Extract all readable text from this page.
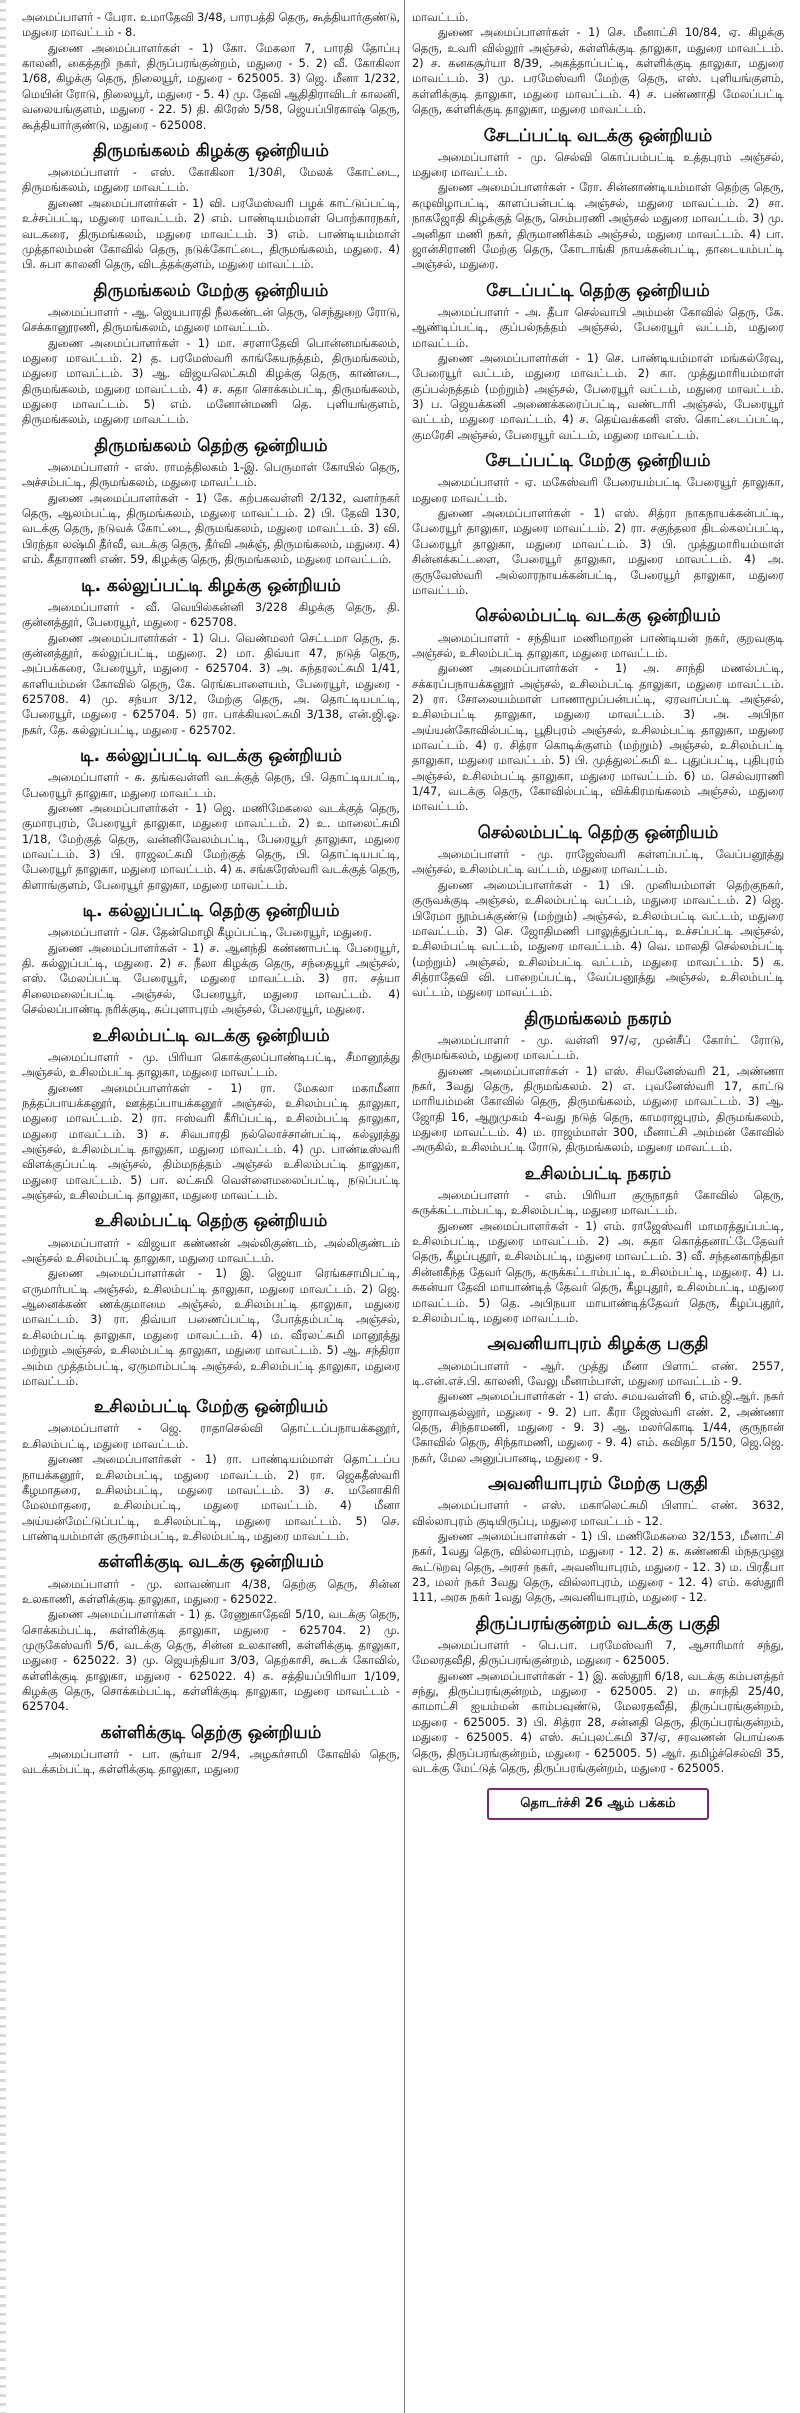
அமைப்பாளர் - பேரா. உமாதேவி 3/48, பாரபத்தி தெரு, கூத்தியார்குண்டு, மதுரை மாவட்டம் - 8.

துணை அமைப்பாளர்கள் - 1) கோ. மேகலா 7, பாரதி தோப்பு காலனி, கைத்தறி நகர், திருப்பரங்குன்றம், மதுரை - 5. 2) வீ. கோகிலா 1/68, கிழக்கு தெரு, நிலையூர், மதுரை - 625005. 3) ஜெ. மீனா 1/232, மெயின் ரோடு, நிலையூர், மதுரை - 5. 4) மு. தேவி ஆதிதிராவிடர் காலனி, வலையங்குளம், மதுரை - 22. 5) தி. கிரேஸ் 5/58, ஜெயப்பிரகாஷ் தெரு, கூத்தியார்குண்டு, மதுரை - 625008.

திருமங்கலம் கிழக்கு ஒன்றியம்

அமைப்பாளர் - எஸ். கோகிலா 1/30சி, மேலக் கோட்டை, திருமங்கலம், மதுரை மாவட்டம்.

துணை அமைப்பாளர்கள் - 1) வி. பரமேஸ்வரி பழக் காட்டுப்பட்டி, உச்சப்பட்டி, மதுரை மாவட்டம். 2) எம். பாண்டியம்மாள் பொற்காரநகர், வடகரை, திருமங்கலம், மதுரை மாவட்டம். 3) எம். பாண்டியம்மாள் முத்தாலம்மன் கோவில் தெரு, நடுக்கோட்டை, திருமங்கலம், மதுரை. 4) பி. சுபா காலனி தெரு, விடத்தக்குளம், மதுரை மாவட்டம்.

திருமங்கலம் மேற்கு ஒன்றியம்

அமைப்பாளர் - ஆ. ஜெயபாரதி நீலகண்டன் தெரு, செந்துறை ரோடு, செக்கானூரணி, திருமங்கலம், மதுரை மாவட்டம்.

துணை அமைப்பாளர்கள் - 1) மா. சரளாதேவி பொன்னமங்கலம், மதுரை மாவட்டம். 2) த. பரமேஸ்வரி காங்கேயநத்தம், திருமங்கலம், மதுரை மாவட்டம். 3) ஆ. விஜயலெட்சுமி கிழக்கு தெரு, காண்டை, திருமங்கலம், மதுரை மாவட்டம். 4) ச. சுதா சொக்கம்பட்டி, திருமங்கலம், மதுரை மாவட்டம். 5) எம். மனோன்மணி தெ. புளியங்குளம், திருமங்கலம், மதுரை மாவட்டம்.

திருமங்கலம் தெற்கு ஒன்றியம்

அமைப்பாளர் - எஸ். ராமத்திலகம் 1-இ. பெருமாள் கோயில் தெரு, அச்சம்பட்டி, திருமங்கலம், மதுரை மாவட்டம்.

துணை அமைப்பாளர்கள் - 1) கே. கற்பகவள்ளி 2/132, வளர்நகர் தெரு, ஆலம்பட்டி, திருமங்கலம், மதுரை மாவட்டம். 2) பி. தேவி 130, வடக்கு தெரு, நடுவக் கோட்டை, திருமங்கலம், மதுரை மாவட்டம். 3) வி. பிரந்தா லஷ்மி தீர்வீ, வடக்கு தெரு, தீர்வி அக்ஞ், திருமங்கலம், மதுரை. 4) எம். கீதாராணி எண். 59, கிழக்கு தெரு, திருமங்கலம், மதுரை மாவட்டம்.

டி. கல்லுப்பட்டி கிழக்கு ஒன்றியம்

அமைப்பாளர் - வீ. வெயில்கன்னி 3/228 கிழக்கு தெரு, தி. குன்னத்தூர், பேரையூர், மதுரை - 625708.

துணை அமைப்பாளர்கள் - 1) பெ. வெண்மலர் செட்டமா தெரு, த. குன்னத்தூர், கல்லுப்பட்டி, மதுரை. 2) மா. திவ்யா 47, நடுத் தெரு, அப்பக்கரை, பேரையூர், மதுரை - 625704. 3) அ. சுந்தரலட்சுமி 1/41, காளியம்மன் கோவில் தெரு, கே. ரெங்கபாளையம், பேரையூர், மதுரை - 625708. 4) மு. சந்யா 3/12, மேற்கு தெரு, அ. தொட்டியபட்டி, பேரையூர், மதுரை - 625704. 5) ரா. பாக்கியலட்சுமி 3/138, என்.ஜி.ஓ. நகர், தே. கல்லுப்பட்டி, மதுரை - 625702.

டி. கல்லுப்பட்டி வடக்கு ஒன்றியம்

அமைப்பாளர் - சு. தங்கவள்ளி வடக்குத் தெரு, பி. தொட்டியபட்டி, பேரையூர் தாலுகா, மதுரை மாவட்டம்.

துணை அமைப்பாளர்கள் - 1) ஜெ. மணிமேகலை வடக்குத் தெரு, குமாரபுரம், பேரையூர் தாலுகா, மதுரை மாவட்டம். 2) உ. மாலைட்சுமி 1/18, மேற்குத் தெரு, வன்னிவேலம்பட்டி, பேரையூர் தாலுகா, மதுரை மாவட்டம். 3) பி. ராஜலட்சுமி மேற்குத் தெரு, பி. தொட்டியபட்டி, பேரையூர் தாலுகா, மதுரை மாவட்டம். 4) க. சங்கரேஸ்வரி வடக்குத் தெரு, கிளாங்குளம், பேரையூர் தாலுகா, மதுரை மாவட்டம்.

டி. கல்லுப்பட்டி தெற்கு ஒன்றியம்

அமைப்பாளர் - செ. தேன்மொழி கீழப்பட்டி, பேரையூர், மதுரை.

துணை அமைப்பாளர்கள் - 1) ச. ஆனந்தி கண்ணாபட்டி பேரையூர், தி. கல்லுப்பட்டி, மதுரை. 2) ச. நீலா கிழக்கு தெரு, சந்தையூர் அஞ்சல், எஸ். மேலப்பட்டி பேரையூர், மதுரை மாவட்டம். 3) ரா. சத்யா சிலைமலைப்பட்டி அஞ்சல், பேரையூர், மதுரை மாவட்டம். 4) செல்லப்பாண்டி நரிக்குடி, சுப்புளாபுரம் அஞ்சல், பேரையூர், மதுரை.

உசிலம்பட்டி வடக்கு ஒன்றியம்

அமைப்பாளர் - மு. பிரியா கொக்குலப்பாண்டிபட்டி, சீமானூத்து அஞ்சல், உசிலம்பட்டி தாலுகா, மதுரை மாவட்டம்.

துணை அமைப்பாளர்கள் - 1) ரா. மேகலா மகாமீனா நத்தப்பாயக்கனூர், ஊத்தப்பாயக்கனூர் அஞ்சல், உசிலம்பட்டி தாலுகா, மதுரை மாவட்டம். 2) ரா. ஈஸ்வரி கீரிப்பட்டி, உசிலம்பட்டி தாலுகா, மதுரை மாவட்டம். 3) ச. சிவபாரதி நல்லொச்சான்பட்டி, கல்லூத்து அஞ்சல், உசிலம்பட்டி தாலுகா, மதுரை மாவட்டம். 4) மு. பாண்டீஸ்வரி விளக்குப்பட்டி அஞ்சல், திம்மநத்தம் அஞ்சல் உசிலம்பட்டி தாலுகா, மதுரை மாவட்டம். 5) பா. லட்சுமி வெள்ளைமலைப்பட்டி, நடுப்பட்டி அஞ்சல், உசிலம்பட்டி தாலுகா, மதுரை மாவட்டம்.

உசிலம்பட்டி தெற்கு ஒன்றியம்

அமைப்பாளர் - விஜயா கண்ணன் அல்லிகுண்டம், அல்லிகுண்டம் அஞ்சல் உசிலம்பட்டி தாலுகா, மதுரை மாவட்டம்.

துணை அமைப்பாளர்கள் - 1) இ. ஜெயா ரெங்கசாமிபட்டி, எருமார்பட்டி அஞ்சல், உசிலம்பட்டி தாலுகா, மதுரை மாவட்டம். 2) ஜெ. ஆனைக்கண் ணக்குமாமை அஞ்சல், உசிலம்பட்டி தாலுகா, மதுரை மாவட்டம். 3) ரா. திவ்யா பணைப்பட்டி, போத்தம்பட்டி அஞ்சல், உசிலம்பட்டி தாலுகா, மதுரை மாவட்டம். 4) ம. வீரலட்சுமி மானூத்து மற்றும் அஞ்சல், உசிலம்பட்டி தாலுகா, மதுரை மாவட்டம். 5) ஆ. சந்திரா அம்ம முத்தம்பட்டி, ஏருமாம்பட்டி அஞ்சல், உசிலம்பட்டி தாலுகா, மதுரை மாவட்டம்.

உசிலம்பட்டி மேற்கு ஒன்றியம்

அமைப்பாளர் - ஜெ. ராதாசெல்வி தொட்டப்பநாயக்கனூர், உசிலம்பட்டி, மதுரை மாவட்டம்.

துணை அமைப்பாளர்கள் - 1) ரா. பாண்டியம்மாள் தொட்டப்ப நாயக்கனூர், உசிலம்பட்டி, மதுரை மாவட்டம். 2) ரா. ஜெகதீஸ்வரி கீழமாதரை, உசிலம்பட்டி, மதுரை மாவட்டம். 3) ச. மனோகிரி மேலமாதரை, உசிலம்பட்டி, மதுரை மாவட்டம். 4) மீனா அய்யன்மேட்டுப்பட்டி, உசிலம்பட்டி, மதுரை மாவட்டம். 5) செ. பாண்டியம்மாள் குருசாம்பட்டி, உசிலம்பட்டி, மதுரை மாவட்டம்.

கள்ளிக்குடி வடக்கு ஒன்றியம்

அமைப்பாளர் - மு. லாவண்யா 4/38, தெற்கு தெரு, சின்ன உலகாணி, கள்ளிக்குடி தாலுகா, மதுரை - 625022.

துணை அமைப்பாளர்கள் - 1) த. ரேணுகாதேவி 5/10, வடக்கு தெரு, சொக்கம்பட்டி, கள்ளிக்குடி தாலுகா, மதுரை - 625704. 2) மு. முருகேஸ்வரி 5/6, வடக்கு தெரு, சின்ன உலகாணி, கள்ளிக்குடி தாலுகா, மதுரை - 625022. 3) மு. ஜெயந்தியா 3/03, தெற்காசி, கூடக் கோவில், கள்ளிக்குடி தாலுகா, மதுரை - 625022. 4) சு. சத்தியப்பிரியா 1/109, கிழக்கு தெரு, சொக்கம்பட்டி, கள்ளிக்குடி தாலுகா, மதுரை மாவட்டம் - 625704.

கள்ளிக்குடி தெற்கு ஒன்றியம்

அமைப்பாளர் - பா. சூர்யா 2/94, அழகர்சாமி கோவில் தெரு, வடக்கம்பட்டி, கள்ளிக்குடி தாலுகா, மதுரை

மாவட்டம்.

துணை அமைப்பாளர்கள் - 1) செ. மீனாட்சி 10/84, ஏ. கிழக்கு தெரு, உவரி வில்லூர் அஞ்சல், கள்ளிக்குடி தாலுகா, மதுரை மாவட்டம். 2) ச. கனகசூர்யா 8/39, அகத்தாப்பட்டி, கள்ளிக்குடி தாலுகா, மதுரை மாவட்டம். 3) மு. பரமேஸ்வரி மேற்கு தெரு, எஸ். புளியங்குளம், கள்ளிக்குடி தாலுகா, மதுரை மாவட்டம். 4) ச. பண்ணாதி மேலப்பட்டி தெரு, கள்ளிக்குடி தாலுகா, மதுரை மாவட்டம்.

சேடப்பட்டி வடக்கு ஒன்றியம்

அமைப்பாளர் - மு. செல்வி கொப்பம்பட்டி உத்தபுரம் அஞ்சல், மதுரை மாவட்டம்.

துணை அமைப்பாளர்கள் - ரோ. சின்னாண்டியம்மாள் தெற்கு தெரு, கழுவிழாபட்டி, காளப்பன்பட்டி அஞ்சல், மதுரை மாவட்டம். 2) சா. நாகஜோதி கிழக்குத் தெரு, செம்பரணி அஞ்சல் மதுரை மாவட்டம். 3) மு. அனிதா மணி நகர், திருமாணிக்கம் அஞ்சல், மதுரை மாவட்டம். 4) பா. ஜான்சிராணி மேற்கு தெரு, கோடாங்கி நாயக்கன்பட்டி, தாடையம்பட்டி அஞ்சல், மதுரை.

சேடப்பட்டி தெற்கு ஒன்றியம்

அமைப்பாளர் - அ. தீபா செல்வாபி அம்மன் கோவில் தெரு, கே. ஆண்டிப்பட்டி, குப்பல்நத்தம் அஞ்சல், பேரையூர் வட்டம், மதுரை மாவட்டம்.

துணை அமைப்பாளர்கள் - 1) செ. பாண்டியம்மாள் மங்கல்ரேவு, பேரையூர் வட்டம், மதுரை மாவட்டம். 2) கா. முத்துமாரியம்மாள் குப்பல்நத்தம் (மற்றும்) அஞ்சல், பேரையூர் வட்டம், மதுரை மாவட்டம். 3) ப. ஜெயக்கனி அணைக்கரைப்பட்டி, வண்டாரி அஞ்சல், பேரையூர் வட்டம், மதுரை மாவட்டம். 4) ச. தெய்வக்கனி எஸ். கொட்டைப்பட்டி, குமரேசி அஞ்சல், பேரையூர் வட்டம், மதுரை மாவட்டம்.

சேடப்பட்டி மேற்கு ஒன்றியம்

அமைப்பாளர் - ஏ. மகேஸ்வரி பேரையம்பட்டி பேரையூர் தாலுகா, மதுரை மாவட்டம்.

துணை அமைப்பாளர்கள் - 1) எஸ். சித்ரா நாகநாயக்கன்பட்டி, பேரையூர் தாலுகா, மதுரை மாவட்டம். 2) ரா. சகுந்தலா திடல்கலப்பட்டி, பேரையூர் தாலுகா, மதுரை மாவட்டம். 3) பி. முத்துமாரியம்மாள் சின்னக்கட்டளை, பேரையூர் தாலுகா, மதுரை மாவட்டம். 4) அ. குருவேஸ்வரி அல்லாரநாயக்கன்பட்டி, பேரையூர் தாலுகா, மதுரை மாவட்டம்.

செல்லம்பட்டி வடக்கு ஒன்றியம்

அமைப்பாளர் - சந்தியா மணிமாறன் பாண்டியன் நகர், குறவகுடி அஞ்சல், உசிலம்பட்டி தாலுகா, மதுரை மாவட்டம்.

துணை அமைப்பாளர்கள் - 1) அ. சாந்தி மணல்பட்டி, சக்கரப்பநாயக்கனூர் அஞ்சல், உசிலம்பட்டி தாலுகா, மதுரை மாவட்டம். 2) ரா. சோலையம்மாள் பாணாமூப்பன்பட்டி, ஏரவாப்பட்டி அஞ்சல், உசிலம்பட்டி தாலுகா, மதுரை மாவட்டம். 3) அ. அபிநா அய்யன்கோவில்பட்டி, பூதிபுரம் அஞ்சல், உசிலம்பட்டி தாலுகா, மதுரை மாவட்டம். 4) ர. சித்ரா கொடிக்குளம் (மற்றும்) அஞ்சல், உசிலம்பட்டி தாலுகா, மதுரை மாவட்டம். 5) பி. முத்துலட்சுமி உ. புதுப்பட்டி, புதிபுரம் அஞ்சல், உசிலம்பட்டி தாலுகா, மதுரை மாவட்டம். 6) ம. செல்வராணி 1/47, வடக்கு தெரு, கோவில்பட்டி, விக்கிரமங்கலம் அஞ்சல், மதுரை மாவட்டம்.

செல்லம்பட்டி தெற்கு ஒன்றியம்

அமைப்பாளர் - மு. ராஜேஸ்வரி கள்ளப்பட்டி, வேப்பனூத்து அஞ்சல், உசிலம்பட்டி வட்டம், மதுரை மாவட்டம்.

துணை அமைப்பாளர்கள் - 1) பி. முனியம்மாள் தெற்குநகர், குருவக்குடி அஞ்சல், உசிலம்பட்டி வட்டம், மதுரை மாவட்டம். 2) ஜெ. பிரேமா நூம்பக்குண்டு (மற்றும்) அஞ்சல், உசிலம்பட்டி வட்டம், மதுரை மாவட்டம். 3) செ. ஜோதிமணி பாலுத்துப்பட்டி, உச்சப்பட்டி அஞ்சல், உசிலம்பட்டி வட்டம், மதுரை மாவட்டம். 4) வெ. மாலதி செல்லம்பட்டி (மற்றும்) அஞ்சல், உசிலம்பட்டி வட்டம், மதுரை மாவட்டம். 5) க. சித்ராதேவி வி. பாறைப்பட்டி, வேப்பனூத்து அஞ்சல், உசிலம்பட்டி வட்டம், மதுரை மாவட்டம்.

திருமங்கலம் நகரம்

அமைப்பாளர் - மு. வள்ளி 97/ஏ, முன்சீப் கோர்ட் ரோடு, திருமங்கலம், மதுரை மாவட்டம்.

துணை அமைப்பாளர்கள் - 1) எஸ். சிவனேஸ்வரி 21, அண்ணா நகர், 3வது தெரு, திருமங்கலம். 2) எ. புவனேஸ்வரி 17, காட்டு மாரியம்மன் கோவில் தெரு, திருமங்கலம், மதுரை மாவட்டம். 3) ஆ. ஜோதி 16, ஆறுமுகம் 4-வது நடுத் தெரு, காமராஜபுரம், திருமங்கலம், மதுரை மாவட்டம். 4) ம. ராஜம்மாள் 300, மீனாட்சி அம்மன் கோவில் அருகில், உசிலம்பட்டி ரோடு, திருமங்கலம், மதுரை மாவட்டம்.

உசிலம்பட்டி நகரம்

அமைப்பாளர் - எம். பிரியா குருநாதர் கோவில் தெரு, சுருக்கட்டாம்பட்டி, உசிலம்பட்டி, மதுரை மாவட்டம்.

துணை அமைப்பாளர்கள் - 1) எம். ராஜேஸ்வரி மாமரத்துப்பட்டி, உசிலம்பட்டி, மதுரை மாவட்டம். 2) அ. சுதா கொத்தனாட்டேதேவர் தெரு, கீழப்புதூர், உசிலம்பட்டி, மதுரை மாவட்டம். 3) வீ. சந்தனகாந்திதா சின்னகீந்த தேவர் தெரு, கருக்கட்டாம்பட்டி, உசிலம்பட்டி, மதுரை. 4) ப. சுகன்யா தேவி மாயாண்டித் தேவர் தெரு, கீழபுதூர், உசிலம்பட்டி, மதுரை மாவட்டம். 5) தெ. அபிநயா மாயாண்டித்தேவர் தெரு, கீழப்புதூர், உசிலம்பட்டி, மதுரை மாவட்டம்.

அவனியாபுரம் கிழக்கு பகுதி

அமைப்பாளர் - ஆர். முத்து மீனா பிளாட் எண். 2557, டி.என்.எச்.பி. காலனி, வேலு மீனாம்பாள், மதுரை மாவட்டம் - 9.

துணை அமைப்பாளர்கள் - 1) எஸ். சமயவள்ளி 6, எம்.ஜி.ஆர். நகர் ஜாராவதல்லூர், மதுரை - 9. 2) பா. கீரா ஜேஸ்வரி எண். 2, அண்ணா தெரு, சிந்தாமணி, மதுரை - 9. 3) ஆ. மலர்கொடி 1/44, குருநான் கோவில் தெரு, சிந்தாமணி, மதுரை - 9. 4) எம். கவிதா 5/150, ஜெ.ஜெ. நகர், மேல அனுப்பானடி, மதுரை - 9.

அவனியாபுரம் மேற்கு பகுதி

அமைப்பாளர் - எஸ். மகாலெட்சுமி பிளாட் எண். 3632, வில்லாபுரம் குடியிருப்பு, மதுரை மாவட்டம் - 12.

துணை அமைப்பாளர்கள் - 1) பி. மணிமேகலை 32/153, மீனாட்சி நகர், 1வது தெரு, வில்லாபுரம், மதுரை - 12. 2) க. கண்ணகி ம்நதமுனு கூட்டுறவு தெரு, அரசர் நகர், அவனியாபுரம், மதுரை - 12. 3) ம. பிரதீபா 23, மலர் நகர் 3வது தெரு, வில்லாபுரம், மதுரை - 12. 4) எம். கஸ்தூரி 111, அரசு நகர் 1வது தெரு, அவனியாபுரம், மதுரை - 12.

திருப்பரங்குன்றம் வடக்கு பகுதி

அமைப்பாளர் - பெ.பா. பரமேஸ்வரி 7, ஆசாரிமார் சந்து, மேலரதவீதி, திருப்பரங்குன்றம், மதுரை - 625005.

துணை அமைப்பாளர்கள் - 1) இ. கஸ்தூரி 6/18, வடக்கு கம்பளத்தர் சந்து, திருப்பரங்குன்றம், மதுரை - 625005. 2) ம. சாந்தி 25/40, காமாட்சி ஐயம்மன் காம்பவுண்டு, மேலரதவீதி, திருப்பரங்குன்றம், மதுரை - 625005. 3) பி. சித்ரா 28, சன்னதி தெரு, திருப்பரங்குன்றம், மதுரை - 625005. 4) எஸ். சுப்புலட்சுமி 37/ஏ, சரவணன் பொய்கை தெரு, திருப்பரங்குன்றம், மதுரை - 625005. 5) ஆர். தமிழ்ச்செல்வி 35, வடக்கு மேட்டுத் தெரு, திருப்பரங்குன்றம், மதுரை - 625005.

தொடர்ச்சி 26 ஆம் பக்கம்
